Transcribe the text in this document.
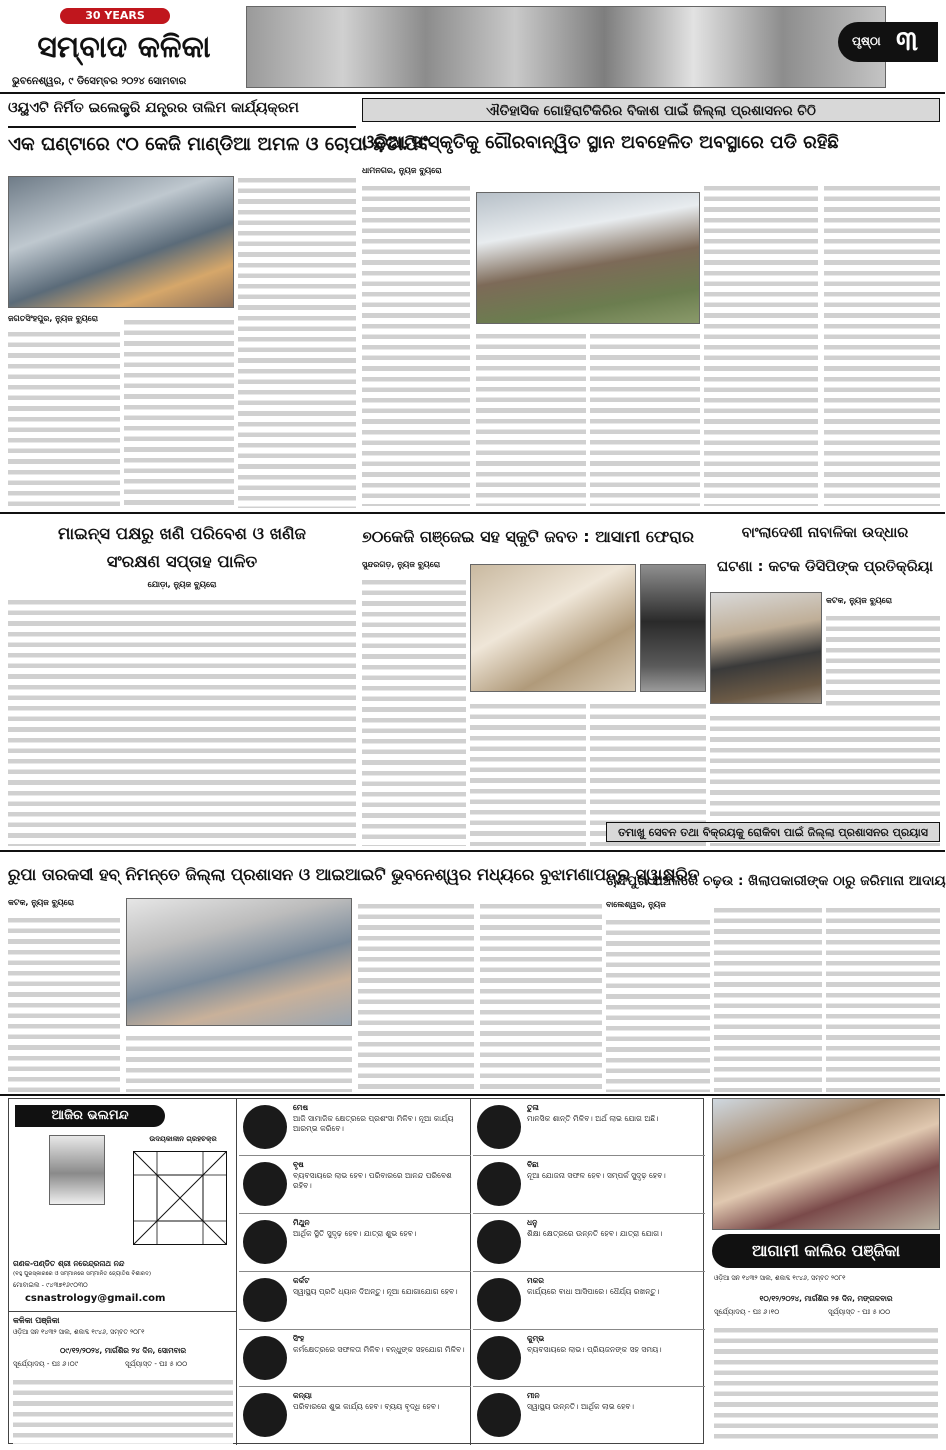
30 YEARS
ସମ୍ବାଦ କଳିକା
ଭୁବନେଶ୍ୱର, ୯ ଡିସେମ୍ବର ୨୦୨୪ ସୋମବାର
ପୃଷ୍ଠା ୩
ଓୟୁଏଟି ନିର୍ମିତ ଇଲେକ୍ଟ୍ରି ଯନ୍ତ୍ରର ତାଲିମ କାର୍ଯ୍ୟକ୍ରମ
ଏକ ଘଣ୍ଟାରେ ୯୦ କେଜି ମାଣ୍ଡିଆ ଅମଳ ଓ ଚୋପା ଛଡାଯିବ
ଜଗତସିଂହପୁର, ନ୍ୟୁଜ ବ୍ୟୁରୋ
ଐତିହାସିକ ଗୋହିରାଟିକିରିର ବିକାଶ ପାଇଁ ଜିଲ୍ଲା ପ୍ରଶାସନର ଚିଠି
ଓଡ଼ିଆ ସଂସ୍କୃତିକୁ ଗୌରବାନ୍ୱିତ ସ୍ଥାନ ଅବହେଳିତ ଅବସ୍ଥାରେ ପଡି ରହିଛି
ଧାମନଗର, ନ୍ୟୁଜ ବ୍ୟୁରୋ
ମାଇନ୍ସ ପକ୍ଷରୁ ଖଣି ପରିବେଶ ଓ ଖଣିଜ
ସଂରକ୍ଷଣ ସପ୍ତାହ ପାଳିତ
ଯୋଡ଼ା, ନ୍ୟୁଜ ବ୍ୟୁରୋ
୭୦କେଜି ଗଞ୍ଜେଇ ସହ ସ୍କୁଟି ଜବତ : ଆସାମୀ ଫେରାର
ସୁନ୍ଦରଗଡ଼, ନ୍ୟୁଜ ବ୍ୟୁରୋ
ବାଂଲାଦେଶୀ ନାବାଳିକା ଉଦ୍ଧାର
ଘଟଣା : କଟକ ଡିସିପିଙ୍କ ପ୍ରତିକ୍ରିୟା
କଟକ, ନ୍ୟୁଜ ବ୍ୟୁରୋ
ରୁପା ତାରକସୀ ହବ୍ ନିମନ୍ତେ ଜିଲ୍ଲା ପ୍ରଶାସନ ଓ ଆଇଆଇଟି ଭୁବନେଶ୍ୱର ମଧ୍ୟରେ ବୁଝାମଣାପତ୍ର ସ୍ୱାକ୍ଷରିତ
କଟକ, ନ୍ୟୁଜ ବ୍ୟୁରୋ
ତମାଖୁ ସେବନ ତଥା ବିକ୍ରୟକୁ ରୋକିବା ପାଇଁ ଜିଲ୍ଲା ପ୍ରଶାସନର ପ୍ରୟାସ
ଚାନ୍ଦିପୁର ଅଞ୍ଚଳରେ ଚଢ଼ଉ : ଖିଲାପକାରୀଙ୍କ ଠାରୁ ଜରିମାନା ଆଦାୟ
ବାଲେଶ୍ୱର, ନ୍ୟୁଜ
ଆଜିର ଭଲମନ୍ଦ
ଉଦୟକାଳୀନ ଗ୍ରହଚକ୍ର
ଗଣକ-ପଣ୍ଡିତ ଶ୍ରୀ ନରେନ୍ଦ୍ରନାଥ ନନ୍ଦ
(ବହୁ ପୁରସ୍କାରରେ ଓ ସମ୍ମାନରେ ସମ୍ମାନିତ ଜ୍ୟୋତିଷ ବିଶାରଦ)
ମୋବାଇଲ - ୯୪୩୭୧୬୯୦୩୦
csnastrology@gmail.com
କଳିକା ପଞ୍ଜିକା
ଓଡ଼ିଆ ସନ ୧୪୩୨ ସାଲ, ଶକାବ୍ଦ ୧୯୪୬, ସମ୍ବତ ୨୦୮୧
୦୯/୧୨/୨୦୨୪, ମାର୍ଗଶିର ୨୪ ଦିନ, ସୋମବାର
ସୂର୍ଯ୍ୟୋଦୟ - ଘଃ ୬।୦୯	ସୂର୍ଯ୍ୟାସ୍ତ - ଘଃ ୫।୦୦
ମେଷ
ଆଜି ସାମାଜିକ କ୍ଷେତ୍ରରେ ପ୍ରଶଂସା ମିଳିବ। ନୂଆ କାର୍ଯ୍ୟ ଆରମ୍ଭ କରିବେ।
ବୃଷ
ବ୍ୟବସାୟରେ ଲାଭ ହେବ। ପରିବାରରେ ଆନନ୍ଦ ପରିବେଶ ରହିବ।
ମିଥୁନ
ଆର୍ଥିକ ସ୍ଥିତି ସୁଦୃଢ଼ ହେବ। ଯାତ୍ରା ଶୁଭ ହେବ।
କର୍କଟ
ସ୍ୱାସ୍ଥ୍ୟ ପ୍ରତି ଧ୍ୟାନ ଦିଅନ୍ତୁ। ନୂଆ ଯୋଗାଯୋଗ ହେବ।
ସିଂହ
କର୍ମକ୍ଷେତ୍ରରେ ସଫଳତା ମିଳିବ। ବନ୍ଧୁଙ୍କ ସହଯୋଗ ମିଳିବ।
କନ୍ୟା
ପରିବାରରେ ଶୁଭ କାର୍ଯ୍ୟ ହେବ। ବ୍ୟୟ ବୃଦ୍ଧି ହେବ।
ତୁଳା
ମାନସିକ ଶାନ୍ତି ମିଳିବ। ଅର୍ଥ ଲାଭ ଯୋଗ ଅଛି।
ବିଛା
ନୂଆ ଯୋଜନା ସଫଳ ହେବ। ସମ୍ପର୍କ ସୁଦୃଢ଼ ହେବ।
ଧନୁ
ଶିକ୍ଷା କ୍ଷେତ୍ରରେ ଉନ୍ନତି ହେବ। ଯାତ୍ରା ଯୋଗ।
ମକର
କାର୍ଯ୍ୟରେ ବାଧା ଆସିପାରେ। ଧୈର୍ଯ୍ୟ ରଖନ୍ତୁ।
କୁମ୍ଭ
ବ୍ୟବସାୟରେ ଲାଭ। ପ୍ରିୟଜନଙ୍କ ସହ ସମୟ।
ମୀନ
ସ୍ୱାସ୍ଥ୍ୟ ଉନ୍ନତି। ଆର୍ଥିକ ଲାଭ ହେବ।
ଆଗାମୀ କାଲିର ପଞ୍ଜିକା
ଓଡ଼ିଆ ସନ ୧୪୩୨ ସାଲ, ଶକାବ୍ଦ ୧୯୪୬, ସମ୍ବତ ୨୦୮୧
୧୦/୧୨/୨୦୨୪, ମାର୍ଗଶିର ୨୫ ଦିନ, ମଙ୍ଗଳବାର
ସୂର୍ଯ୍ୟୋଦୟ - ଘଃ ୬।୧୦	ସୂର୍ଯ୍ୟାସ୍ତ - ଘଃ ୫।୦୦
